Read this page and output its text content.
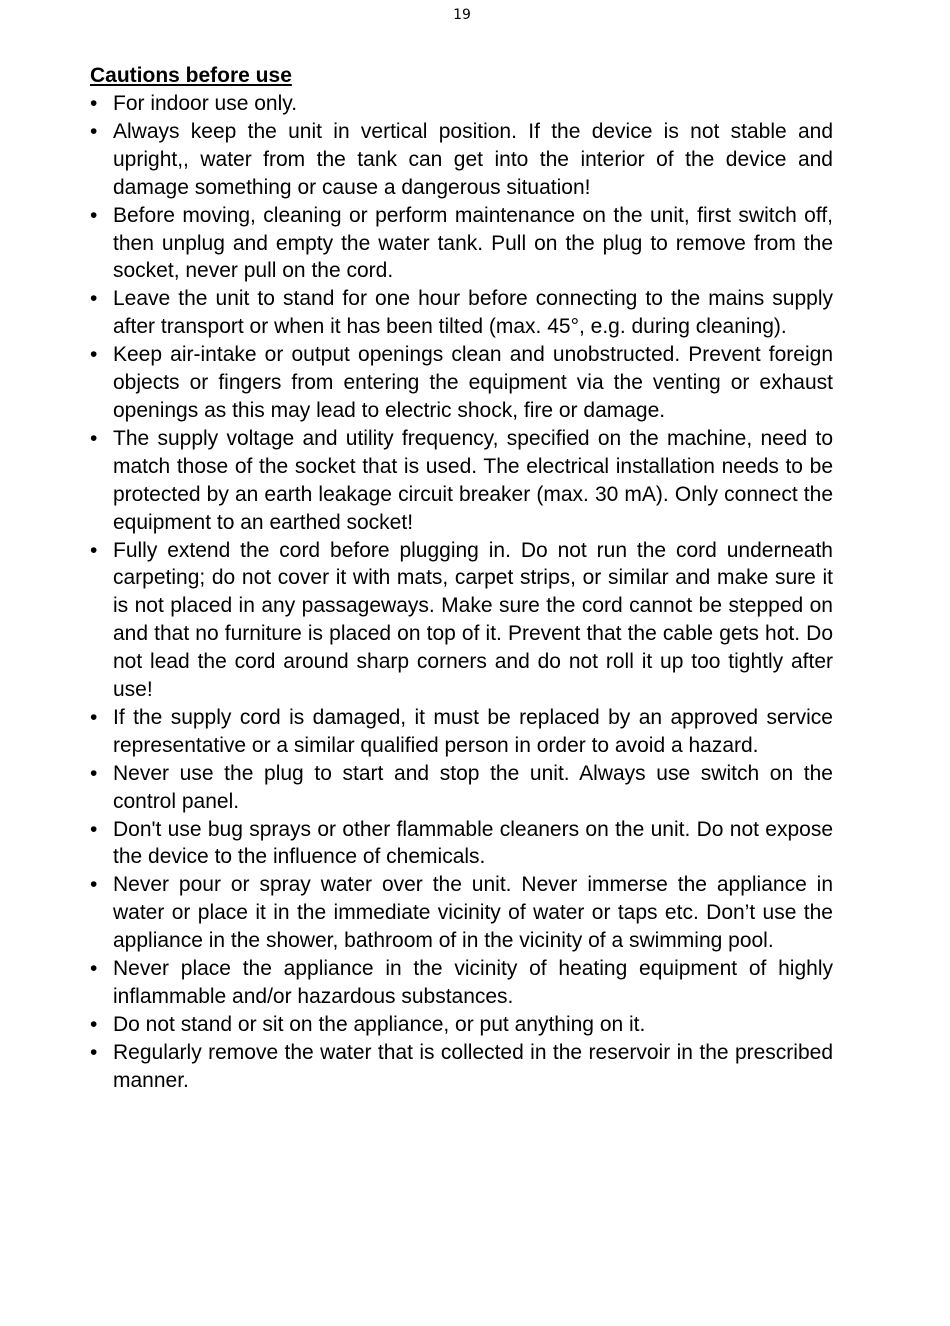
19
Cautions before use
• For indoor use only.
• Always keep the unit in vertical position. If the device is not stable and upright,, water from the tank can get into the interior of the device and damage something or cause a dangerous situation!
• Before moving, cleaning or perform maintenance on the unit, first switch off, then unplug and empty the water tank. Pull on the plug to remove from the socket, never pull on the cord.
• Leave the unit to stand for one hour before connecting to the mains supply after transport or when it has been tilted (max. 45°, e.g. during cleaning).
• Keep air-intake or output openings clean and unobstructed. Prevent foreign objects or fingers from entering the equipment via the venting or exhaust openings as this may lead to electric shock, fire or damage.
• The supply voltage and utility frequency, specified on the machine, need to match those of the socket that is used. The electrical installation needs to be protected by an earth leakage circuit breaker (max. 30 mA). Only connect the equipment to an earthed socket!
• Fully extend the cord before plugging in. Do not run the cord underneath carpeting; do not cover it with mats, carpet strips, or similar and make sure it is not placed in any passageways. Make sure the cord cannot be stepped on and that no furniture is placed on top of it. Prevent that the cable gets hot. Do not lead the cord around sharp corners and do not roll it up too tightly after use!
• If the supply cord is damaged, it must be replaced by an approved service representative or a similar qualified person in order to avoid a hazard.
• Never use the plug to start and stop the unit. Always use switch on the control panel.
• Don't use bug sprays or other flammable cleaners on the unit. Do not expose the device to the influence of chemicals.
• Never pour or spray water over the unit. Never immerse the appliance in water or place it in the immediate vicinity of water or taps etc. Don’t use the appliance in the shower, bathroom of in the vicinity of a swimming pool.
• Never place the appliance in the vicinity of heating equipment of highly inflammable and/or hazardous substances.
• Do not stand or sit on the appliance, or put anything on it.
• Regularly remove the water that is collected in the reservoir in the prescribed manner.
